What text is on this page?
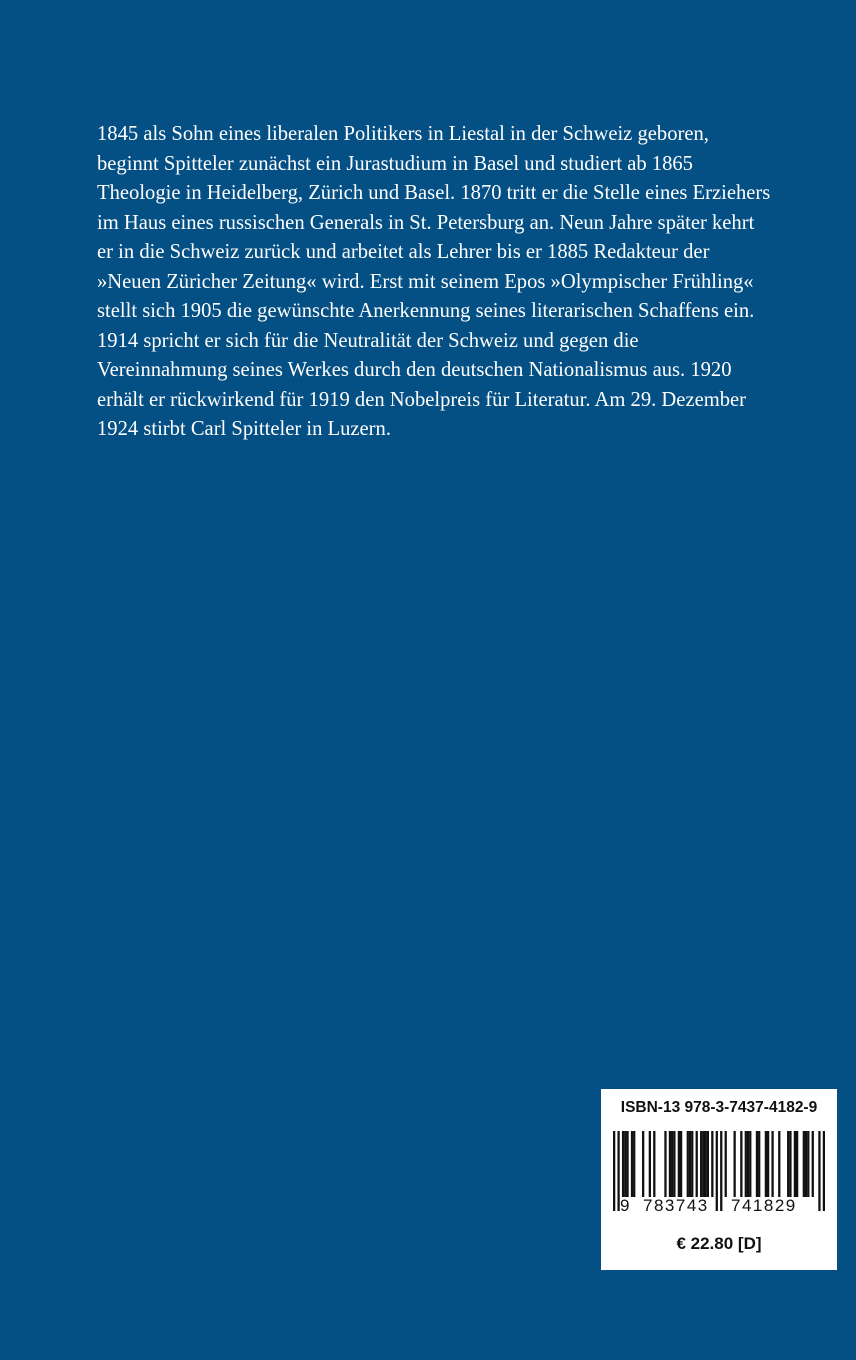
1845 als Sohn eines liberalen Politikers in Liestal in der Schweiz geboren,
beginnt Spitteler zunächst ein Jurastudium in Basel und studiert ab 1865
Theologie in Heidelberg, Zürich und Basel. 1870 tritt er die Stelle eines Erziehers
im Haus eines russischen Generals in St. Petersburg an. Neun Jahre später kehrt
er in die Schweiz zurück und arbeitet als Lehrer bis er 1885 Redakteur der
»Neuen Züricher Zeitung« wird. Erst mit seinem Epos »Olympischer Frühling«
stellt sich 1905 die gewünschte Anerkennung seines literarischen Schaffens ein.
1914 spricht er sich für die Neutralität der Schweiz und gegen die
Vereinnahmung seines Werkes durch den deutschen Nationalismus aus. 1920
erhält er rückwirkend für 1919 den Nobelpreis für Literatur. Am 29. Dezember
1924 stirbt Carl Spitteler in Luzern.
ISBN-13 978-3-7437-4182-9
€ 22.80 [D]
9 783743 741829
